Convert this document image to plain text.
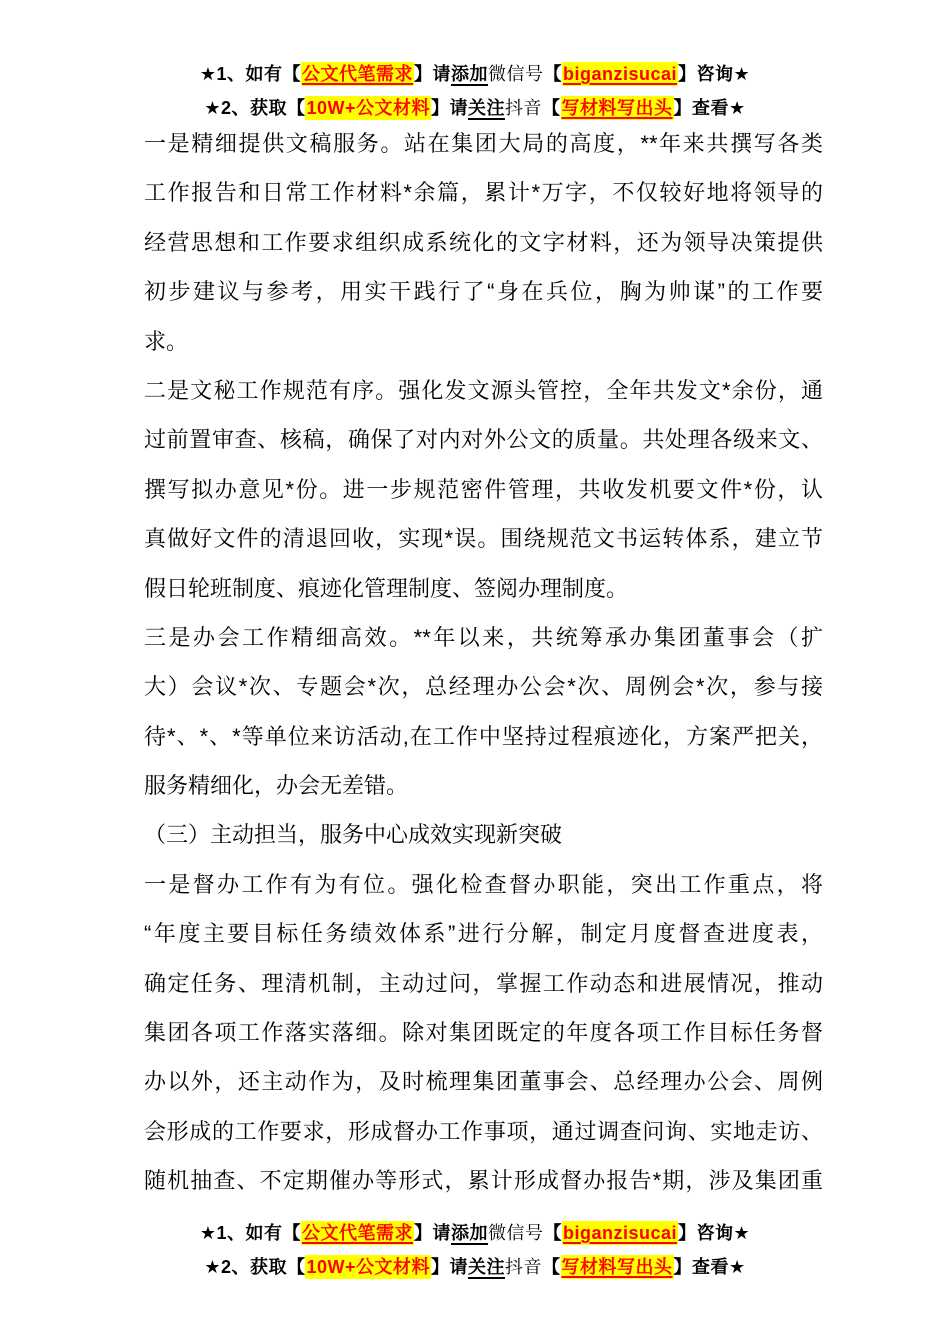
★1、如有【公文代笔需求】请添加微信号【biganzisucai】咨询★
★2、获取【10W+公文材料】请关注抖音【写材料写出头】查看★
一是精细提供文稿服务。站在集团大局的高度，**年来共撰写各类
工作报告和日常工作材料*余篇，累计*万字，不仅较好地将领导的
经营思想和工作要求组织成系统化的文字材料，还为领导决策提供
初步建议与参考，用实干践行了“身在兵位，胸为帅谋”的工作要
求。
二是文秘工作规范有序。强化发文源头管控，全年共发文*余份，通
过前置审查、核稿，确保了对内对外公文的质量。共处理各级来文、
撰写拟办意见*份。进一步规范密件管理，共收发机要文件*份，认
真做好文件的清退回收，实现*误。围绕规范文书运转体系，建立节
假日轮班制度、痕迹化管理制度、签阅办理制度。
三是办会工作精细高效。**年以来，共统筹承办集团董事会（扩
大）会议*次、专题会*次，总经理办公会*次、周例会*次，参与接
待*、*、*等单位来访活动,在工作中坚持过程痕迹化，方案严把关，
服务精细化，办会无差错。
（三）主动担当，服务中心成效实现新突破
一是督办工作有为有位。强化检查督办职能，突出工作重点，将
“年度主要目标任务绩效体系”进行分解，制定月度督查进度表，
确定任务、理清机制，主动过问，掌握工作动态和进展情况，推动
集团各项工作落实落细。除对集团既定的年度各项工作目标任务督
办以外，还主动作为，及时梳理集团董事会、总经理办公会、周例
会形成的工作要求，形成督办工作事项，通过调查问询、实地走访、
随机抽查、不定期催办等形式，累计形成督办报告*期，涉及集团重
★1、如有【公文代笔需求】请添加微信号【biganzisucai】咨询★
★2、获取【10W+公文材料】请关注抖音【写材料写出头】查看★
